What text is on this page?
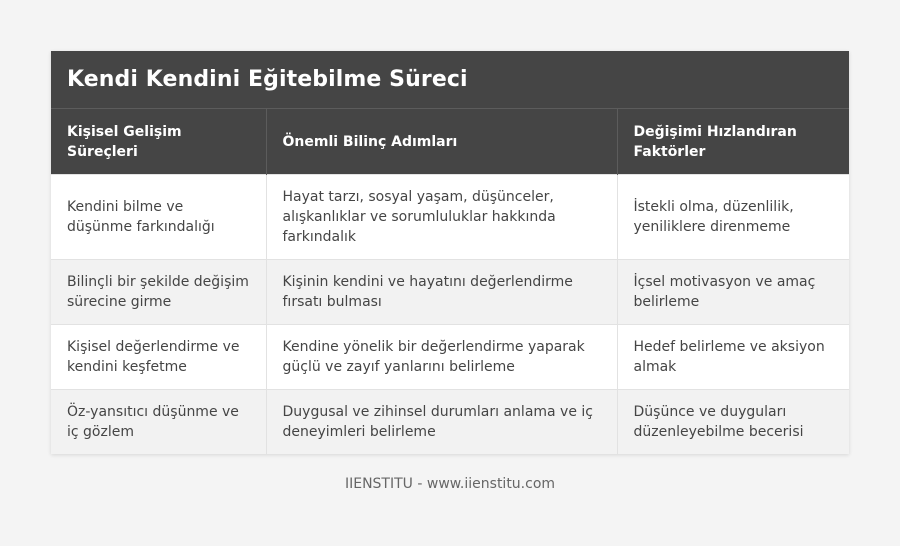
Kendi Kendini Eğitebilme Süreci
Kişisel Gelişim Süreçleri	Önemli Bilinç Adımları	Değişimi Hızlandıran Faktörler
Kendini bilme ve düşünme farkındalığı	Hayat tarzı, sosyal yaşam, düşünceler, alışkanlıklar ve sorumluluklar hakkında farkındalık	İstekli olma, düzenlilik, yeniliklere direnmeme
Bilinçli bir şekilde değişim sürecine girme	Kişinin kendini ve hayatını değerlendirme fırsatı bulması	İçsel motivasyon ve amaç belirleme
Kişisel değerlendirme ve kendini keşfetme	Kendine yönelik bir değerlendirme yaparak güçlü ve zayıf yanlarını belirleme	Hedef belirleme ve aksiyon almak
Öz-yansıtıcı düşünme ve iç gözlem	Duygusal ve zihinsel durumları anlama ve iç deneyimleri belirleme	Düşünce ve duyguları düzenleyebilme becerisi
IIENSTITU - www.iienstitu.com
